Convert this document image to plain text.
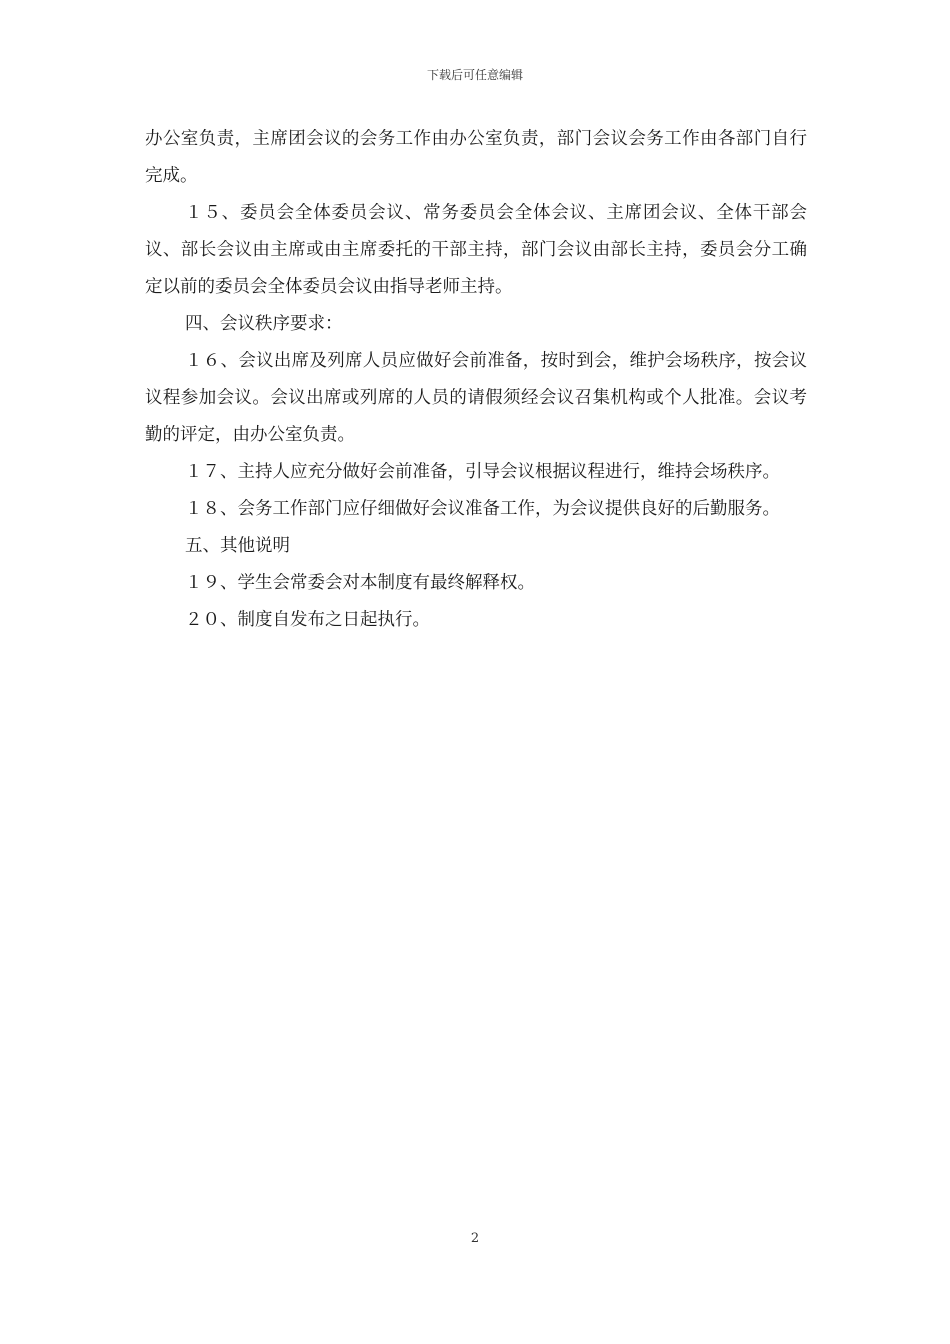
下载后可任意编辑

办公室负责，主席团会议的会务工作由办公室负责，部门会议会务工作由各部门自行完成。

１５、委员会全体委员会议、常务委员会全体会议、主席团会议、全体干部会议、部长会议由主席或由主席委托的干部主持，部门会议由部长主持，委员会分工确定以前的委员会全体委员会议由指导老师主持。

四、会议秩序要求：

１６、会议出席及列席人员应做好会前准备，按时到会，维护会场秩序，按会议议程参加会议。会议出席或列席的人员的请假须经会议召集机构或个人批准。会议考勤的评定，由办公室负责。

１７、主持人应充分做好会前准备，引导会议根据议程进行，维持会场秩序。

１８、会务工作部门应仔细做好会议准备工作，为会议提供良好的后勤服务。

五、其他说明

１９、学生会常委会对本制度有最终解释权。

２０、制度自发布之日起执行。

2
